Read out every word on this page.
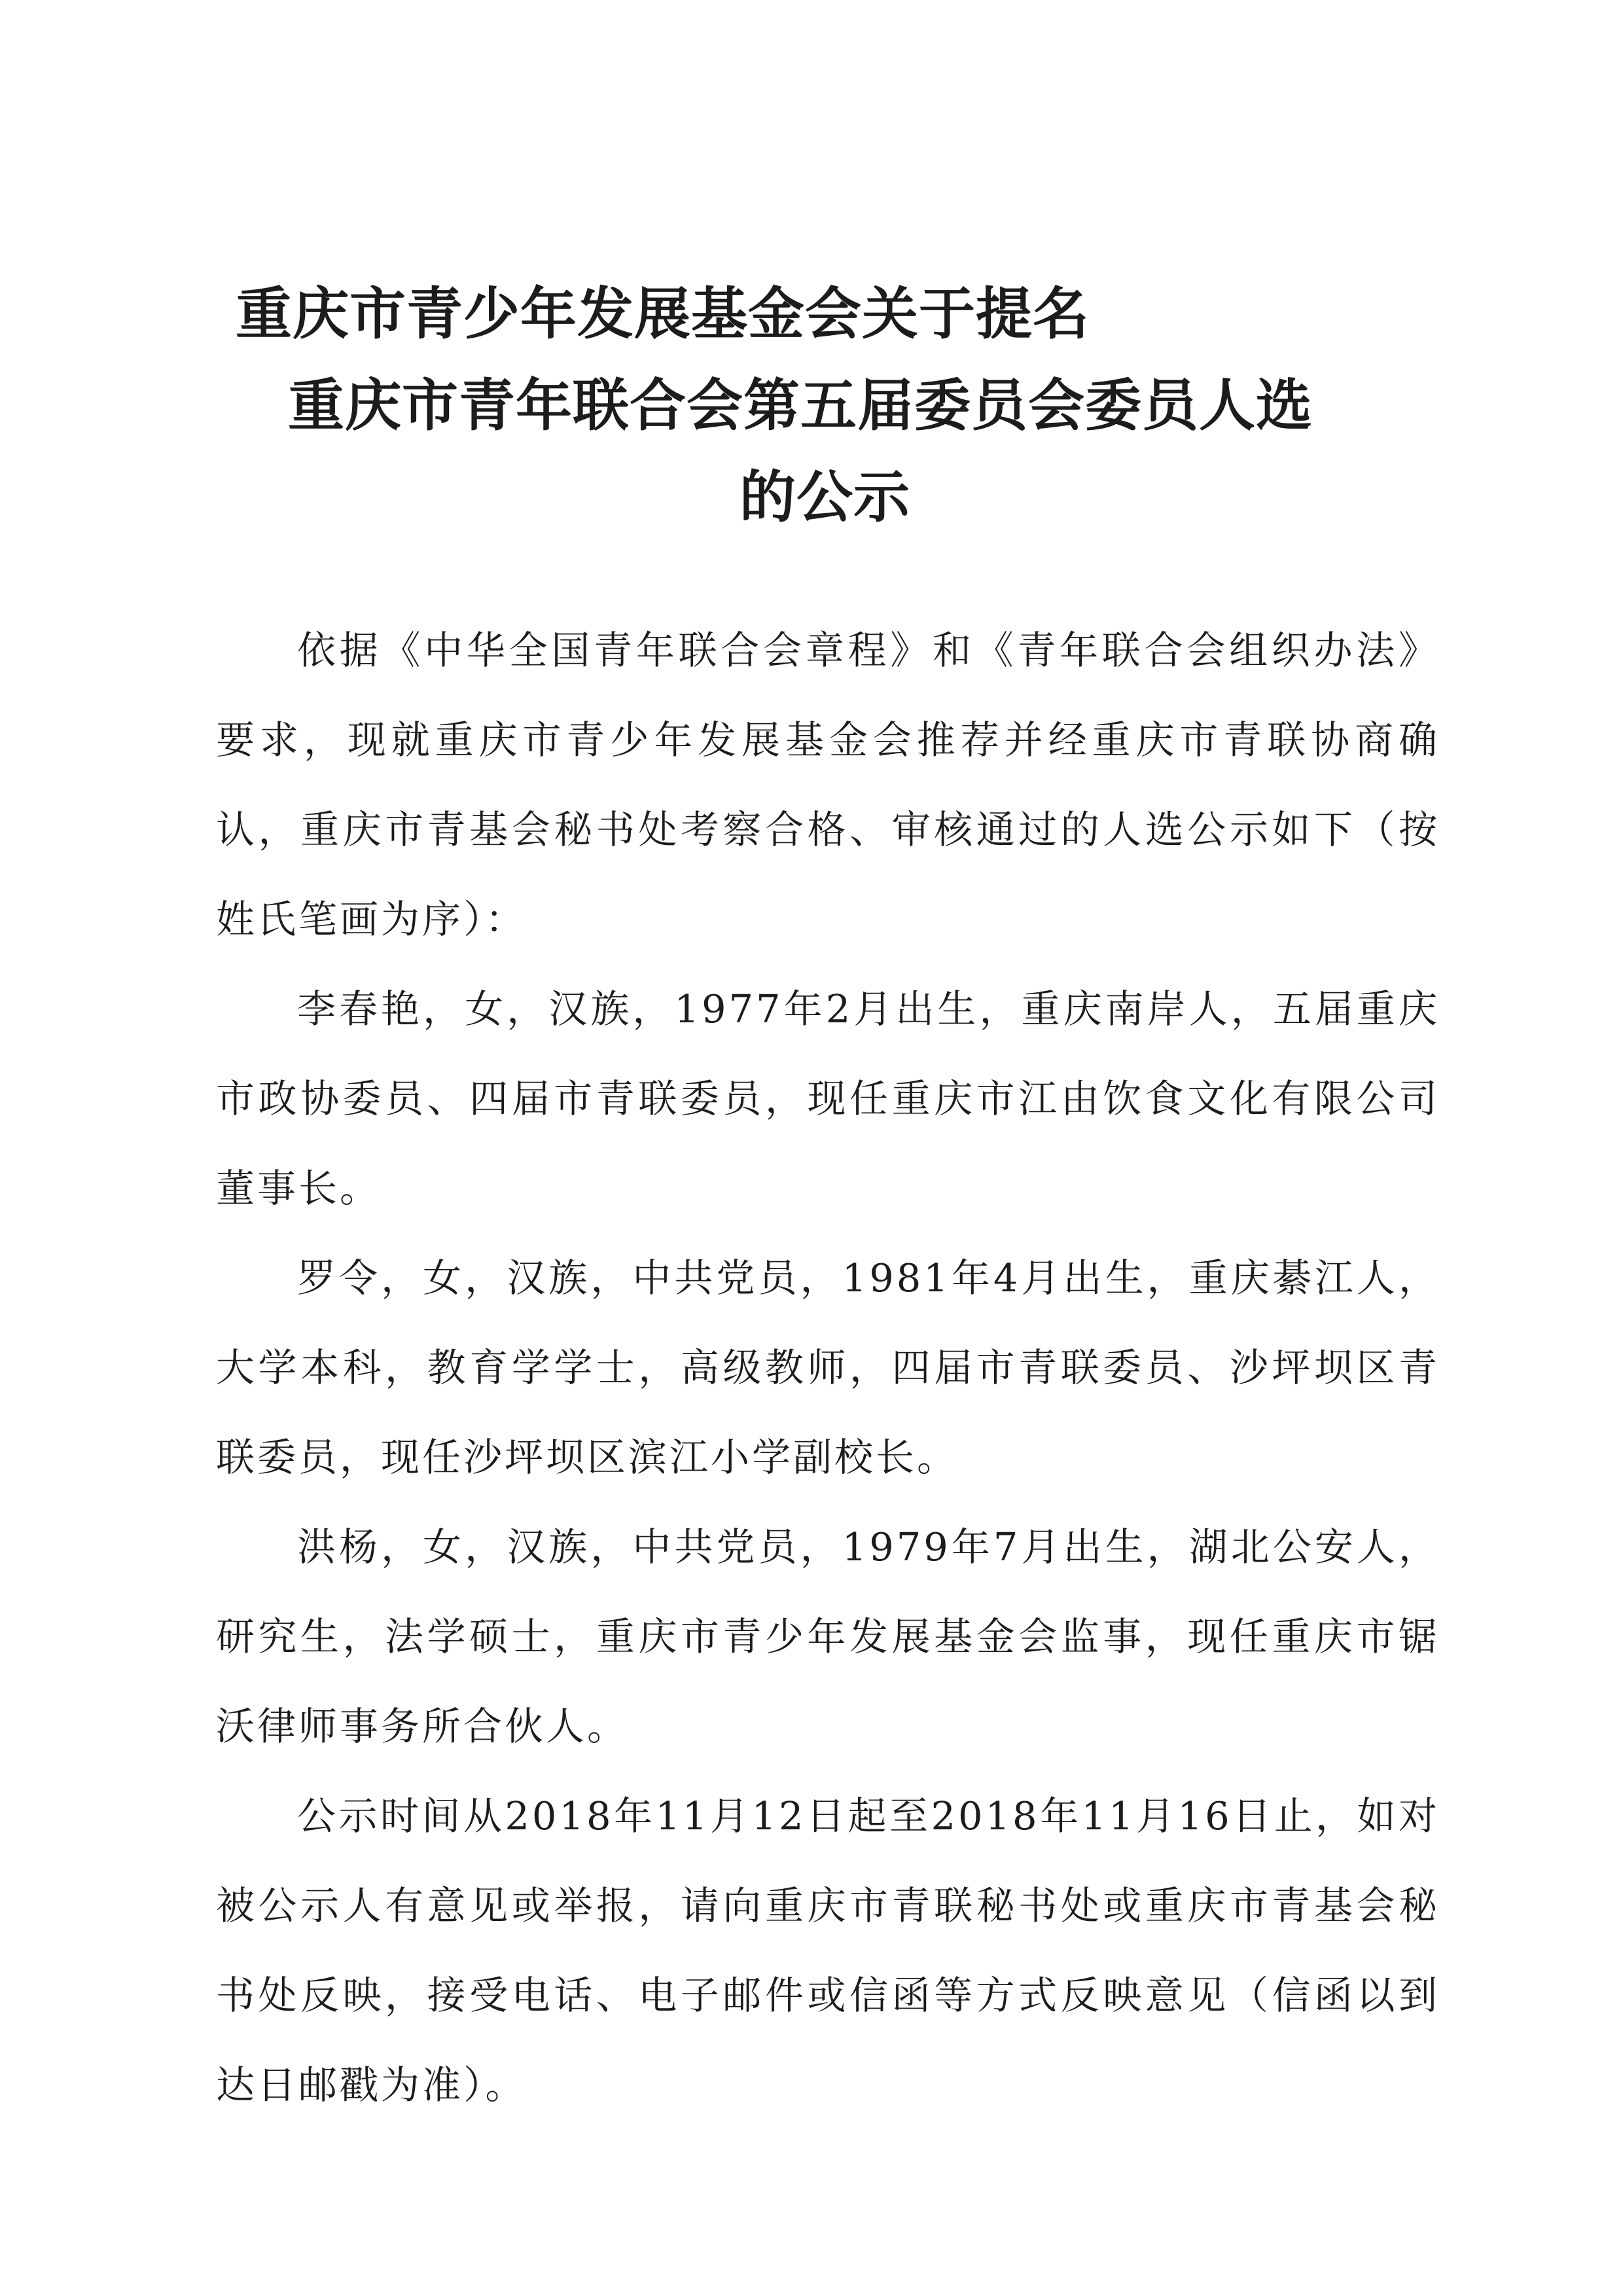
重庆市青少年发展基金会关于提名
重庆市青年联合会第五届委员会委员人选
的公示

依据《中华全国青年联合会章程》和《青年联合会组织办法》要求，现就重庆市青少年发展基金会推荐并经重庆市青联协商确认，重庆市青基会秘书处考察合格、审核通过的人选公示如下（按姓氏笔画为序）：

李春艳，女，汉族，1977年2月出生，重庆南岸人，五届重庆市政协委员、四届市青联委员，现任重庆市江由饮食文化有限公司董事长。

罗令，女，汉族，中共党员，1981年4月出生，重庆綦江人，大学本科，教育学学士，高级教师，四届市青联委员、沙坪坝区青联委员，现任沙坪坝区滨江小学副校长。

洪杨，女，汉族，中共党员，1979年7月出生，湖北公安人，研究生，法学硕士，重庆市青少年发展基金会监事，现任重庆市锯沃律师事务所合伙人。

公示时间从2018年11月12日起至2018年11月16日止，如对被公示人有意见或举报，请向重庆市青联秘书处或重庆市青基会秘书处反映，接受电话、电子邮件或信函等方式反映意见（信函以到达日邮戳为准）。
